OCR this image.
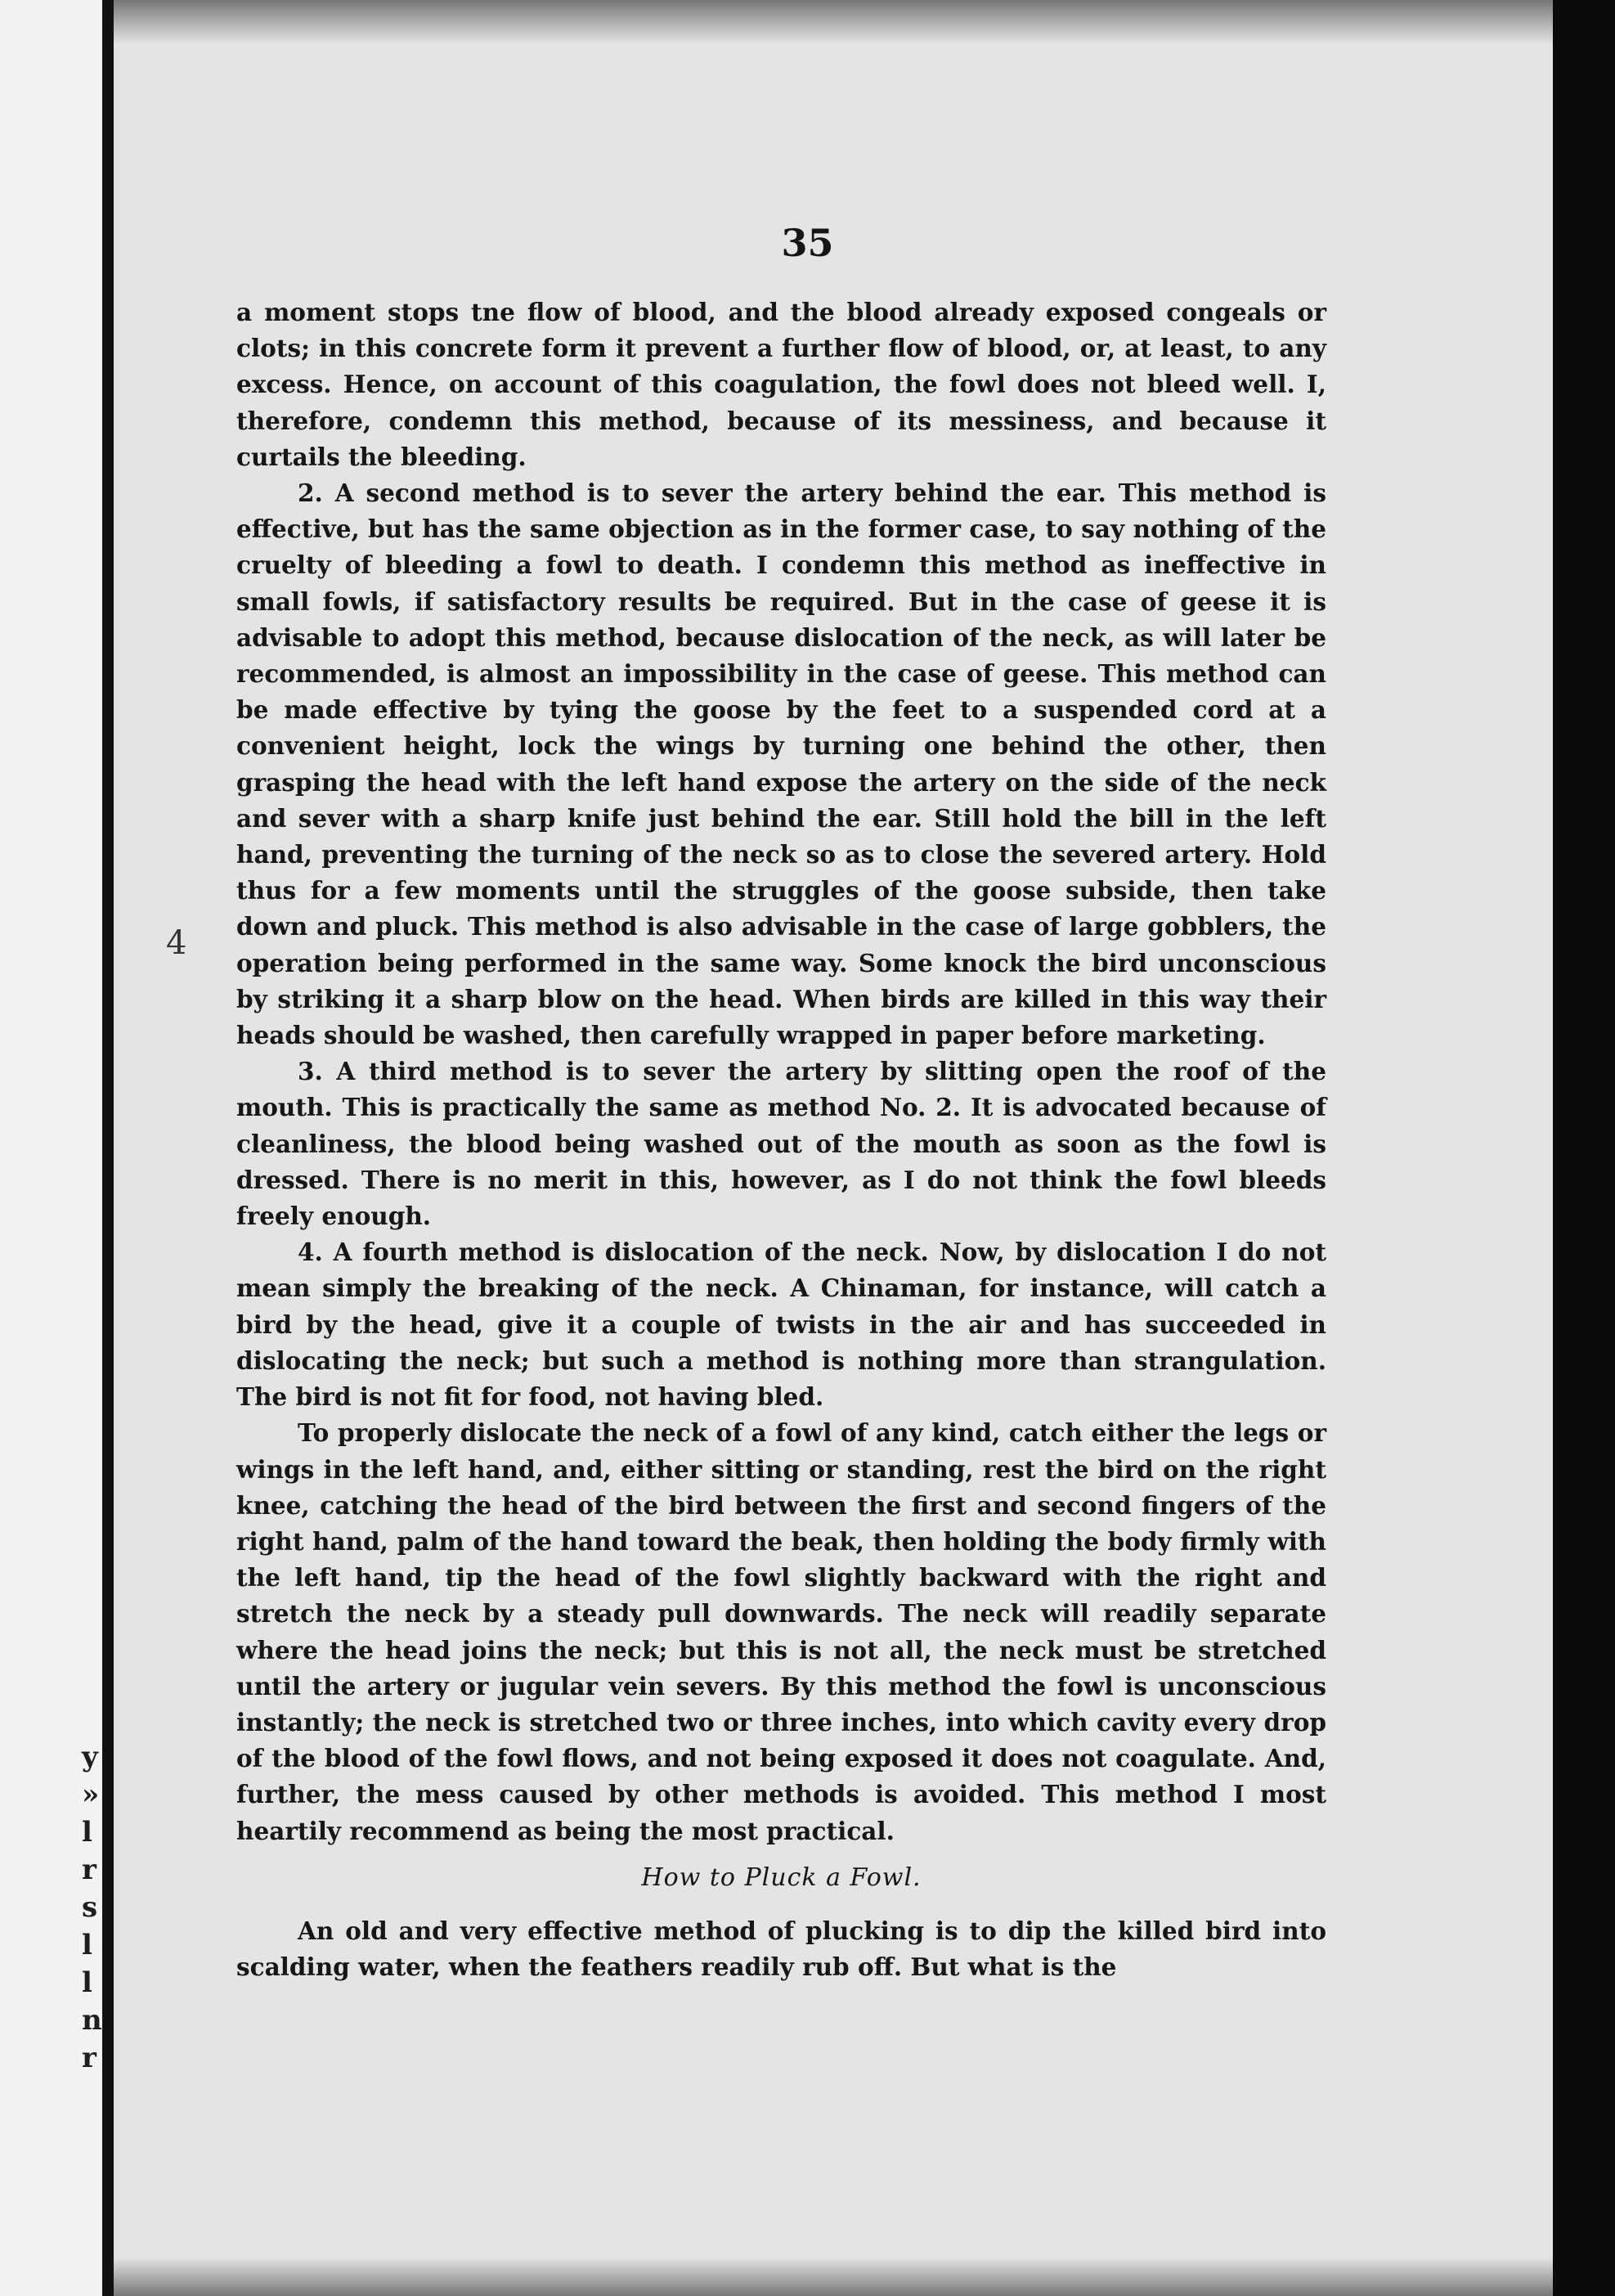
y
»
l
r
s
l
l
n
r
4
35

a moment stops tne flow of blood, and the blood already exposed congeals or clots; in this concrete form it prevent a further flow of blood, or, at least, to any excess. Hence, on account of this coagulation, the fowl does not bleed well. I, therefore, condemn this method, because of its messiness, and because it curtails the bleeding.

2. A second method is to sever the artery behind the ear. This method is effective, but has the same objection as in the former case, to say nothing of the cruelty of bleeding a fowl to death. I condemn this method as ineffective in small fowls, if satisfactory results be required. But in the case of geese it is advisable to adopt this method, because dislocation of the neck, as will later be recommended, is almost an impossibility in the case of geese. This method can be made effective by tying the goose by the feet to a suspended cord at a convenient height, lock the wings by turning one behind the other, then grasping the head with the left hand expose the artery on the side of the neck and sever with a sharp knife just behind the ear. Still hold the bill in the left hand, preventing the turning of the neck so as to close the severed artery. Hold thus for a few moments until the struggles of the goose subside, then take down and pluck. This method is also advisable in the case of large gobblers, the operation being performed in the same way. Some knock the bird unconscious by striking it a sharp blow on the head. When birds are killed in this way their heads should be washed, then carefully wrapped in paper before marketing.

3. A third method is to sever the artery by slitting open the roof of the mouth. This is practically the same as method No. 2. It is advocated because of cleanliness, the blood being washed out of the mouth as soon as the fowl is dressed. There is no merit in this, however, as I do not think the fowl bleeds freely enough.

4. A fourth method is dislocation of the neck. Now, by dislocation I do not mean simply the breaking of the neck. A Chinaman, for instance, will catch a bird by the head, give it a couple of twists in the air and has succeeded in dislocating the neck; but such a method is nothing more than strangulation. The bird is not fit for food, not having bled.

To properly dislocate the neck of a fowl of any kind, catch either the legs or wings in the left hand, and, either sitting or standing, rest the bird on the right knee, catching the head of the bird between the first and second fingers of the right hand, palm of the hand toward the beak, then holding the body firmly with the left hand, tip the head of the fowl slightly backward with the right and stretch the neck by a steady pull downwards. The neck will readily separate where the head joins the neck; but this is not all, the neck must be stretched until the artery or jugular vein severs. By this method the fowl is unconscious instantly; the neck is stretched two or three inches, into which cavity every drop of the blood of the fowl flows, and not being exposed it does not coagulate. And, further, the mess caused by other methods is avoided. This method I most heartily recommend as being the most practical.

How to Pluck a Fowl.

An old and very effective method of plucking is to dip the killed bird into scalding water, when the feathers readily rub off. But what is the
